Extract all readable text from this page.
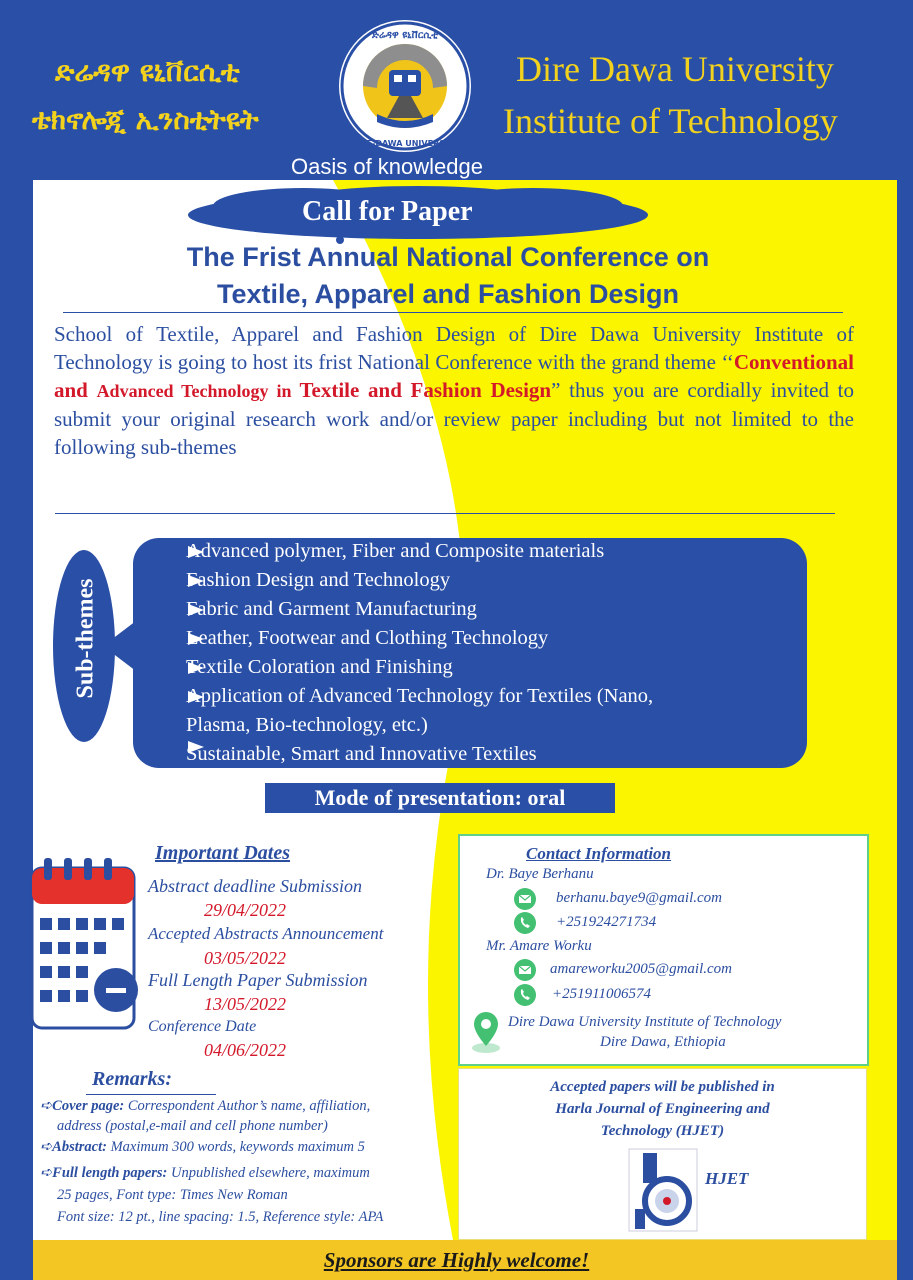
ድሬዳዋ ዩኒቨርሲቲ
ቴክኖሎጂ ኢንስቲትዩት
Dire Dawa University
Institute of Technology
ድሬዳዋ ዩኒቨርሲቲ
DIRE-DAWA UNIVERSITY
Oasis of knowledge
Call for Paper
The Frist Annual National Conference on
Textile, Apparel and Fashion Design
School of Textile, Apparel and Fashion Design of Dire Dawa University Institute of Technology is going to host its frist National Conference with the grand theme ‘‘Conventional and Advanced Technology in Textile and Fashion Design” thus you are cordially invited to submit your original research work and/or review paper including but not limited to the following sub-themes
Sub-themes
Advanced polymer, Fiber and Composite materials
Fashion Design and Technology
Fabric and Garment Manufacturing
Leather, Footwear and Clothing Technology
Textile Coloration and Finishing
Application of Advanced Technology for Textiles (Nano,
Plasma, Bio-technology, etc.)
Sustainable, Smart and Innovative Textiles
Mode of presentation: oral
Important Dates
Abstract deadline Submission
29/04/2022
Accepted Abstracts Announcement
03/05/2022
Full Length Paper Submission
13/05/2022
Conference Date
04/06/2022
Contact Information
Dr. Baye Berhanu
berhanu.baye9@gmail.com
+251924271734
Mr. Amare Worku
amareworku2005@gmail.com
+251911006574
Dire Dawa University Institute of Technology
Dire Dawa, Ethiopia
Remarks:
➪Cover page: Correspondent Author’s name, affiliation,
address (postal,e-mail and cell phone number)
➪Abstract: Maximum 300 words, keywords maximum 5
➪Full length papers: Unpublished elsewhere, maximum
25 pages, Font type: Times New Roman
Font size: 12 pt., line spacing: 1.5, Reference style: APA
Accepted papers will be published in
Harla Journal of Engineering and
Technology (HJET)
HJET
Sponsors are Highly welcome!
